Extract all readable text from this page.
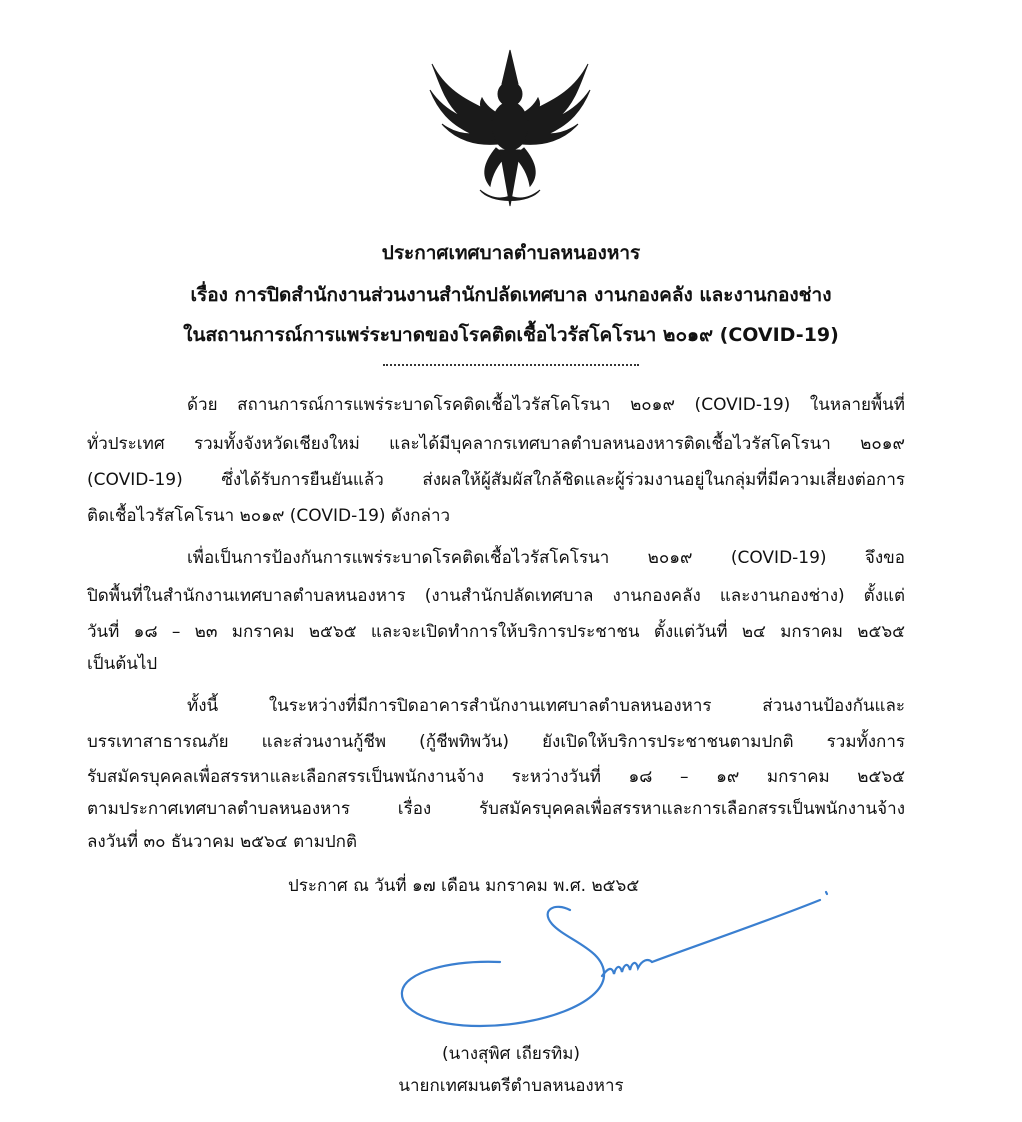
ประกาศเทศบาลตำบลหนองหาร
เรื่อง การปิดสำนักงานส่วนงานสำนักปลัดเทศบาล งานกองคลัง และงานกองช่าง
ในสถานการณ์การแพร่ระบาดของโรคติดเชื้อไวรัสโคโรนา ๒๐๑๙ (COVID-19)
ด้วย สถานการณ์การแพร่ระบาดโรคติดเชื้อไวรัสโคโรนา ๒๐๑๙ (COVID-19) ในหลายพื้นที่
ทั่วประเทศ รวมทั้งจังหวัดเชียงใหม่ และได้มีบุคลากรเทศบาลตำบลหนองหารติดเชื้อไวรัสโคโรนา ๒๐๑๙
(COVID-19) ซึ่งได้รับการยืนยันแล้ว ส่งผลให้ผู้สัมผัสใกล้ชิดและผู้ร่วมงานอยู่ในกลุ่มที่มีความเสี่ยงต่อการ
ติดเชื้อไวรัสโคโรนา ๒๐๑๙ (COVID-19) ดังกล่าว
เพื่อเป็นการป้องกันการแพร่ระบาดโรคติดเชื้อไวรัสโคโรนา ๒๐๑๙ (COVID-19) จึงขอ
ปิดพื้นที่ในสำนักงานเทศบาลตำบลหนองหาร (งานสำนักปลัดเทศบาล งานกองคลัง และงานกองช่าง) ตั้งแต่
วันที่ ๑๘ – ๒๓ มกราคม ๒๕๖๕ และจะเปิดทำการให้บริการประชาชน ตั้งแต่วันที่ ๒๔ มกราคม ๒๕๖๕
เป็นต้นไป
ทั้งนี้ ในระหว่างที่มีการปิดอาคารสำนักงานเทศบาลตำบลหนองหาร ส่วนงานป้องกันและ
บรรเทาสาธารณภัย และส่วนงานกู้ชีพ (กู้ชีพทิพวัน) ยังเปิดให้บริการประชาชนตามปกติ รวมทั้งการ
รับสมัครบุคคลเพื่อสรรหาและเลือกสรรเป็นพนักงานจ้าง ระหว่างวันที่ ๑๘ – ๑๙ มกราคม ๒๕๖๕
ตามประกาศเทศบาลตำบลหนองหาร เรื่อง รับสมัครบุคคลเพื่อสรรหาและการเลือกสรรเป็นพนักงานจ้าง
ลงวันที่ ๓๐ ธันวาคม ๒๕๖๔ ตามปกติ
ประกาศ ณ วันที่ ๑๗ เดือน มกราคม พ.ศ. ๒๕๖๕
(นางสุพิศ เถียรทิม)
นายกเทศมนตรีตำบลหนองหาร
